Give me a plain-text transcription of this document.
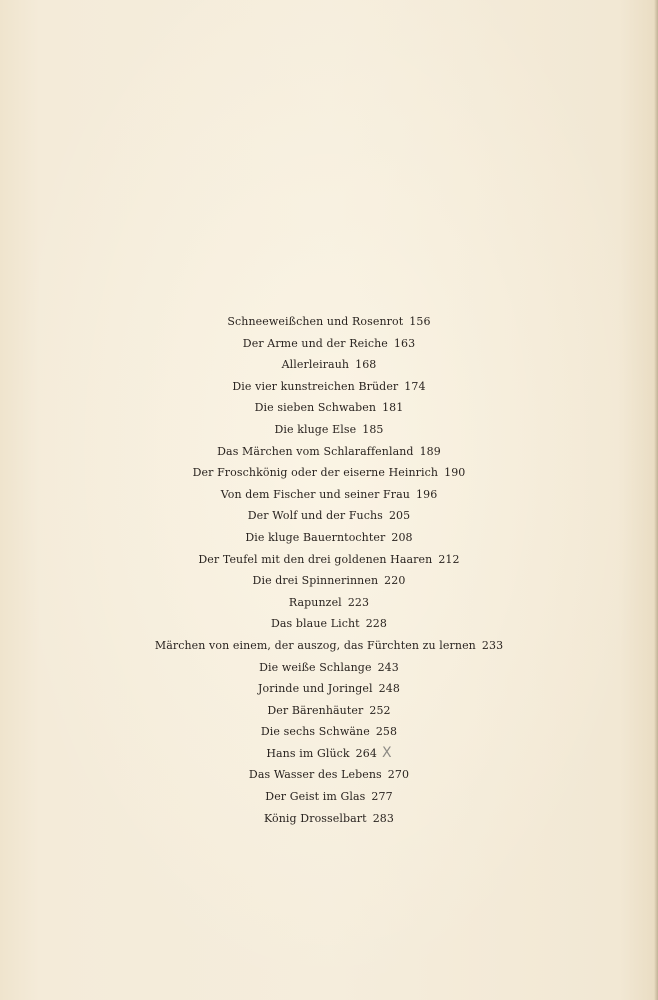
Schneeweißchen und Rosenrot 156
Der Arme und der Reiche 163
Allerleirauh 168
Die vier kunstreichen Brüder 174
Die sieben Schwaben 181
Die kluge Else 185
Das Märchen vom Schlaraffenland 189
Der Froschkönig oder der eiserne Heinrich 190
Von dem Fischer und seiner Frau 196
Der Wolf und der Fuchs 205
Die kluge Bauerntochter 208
Der Teufel mit den drei goldenen Haaren 212
Die drei Spinnerinnen 220
Rapunzel 223
Das blaue Licht 228
Märchen von einem, der auszog, das Fürchten zu lernen 233
Die weiße Schlange 243
Jorinde und Joringel 248
Der Bärenhäuter 252
Die sechs Schwäne 258
Hans im Glück 264 X
Das Wasser des Lebens 270
Der Geist im Glas 277
König Drosselbart 283
